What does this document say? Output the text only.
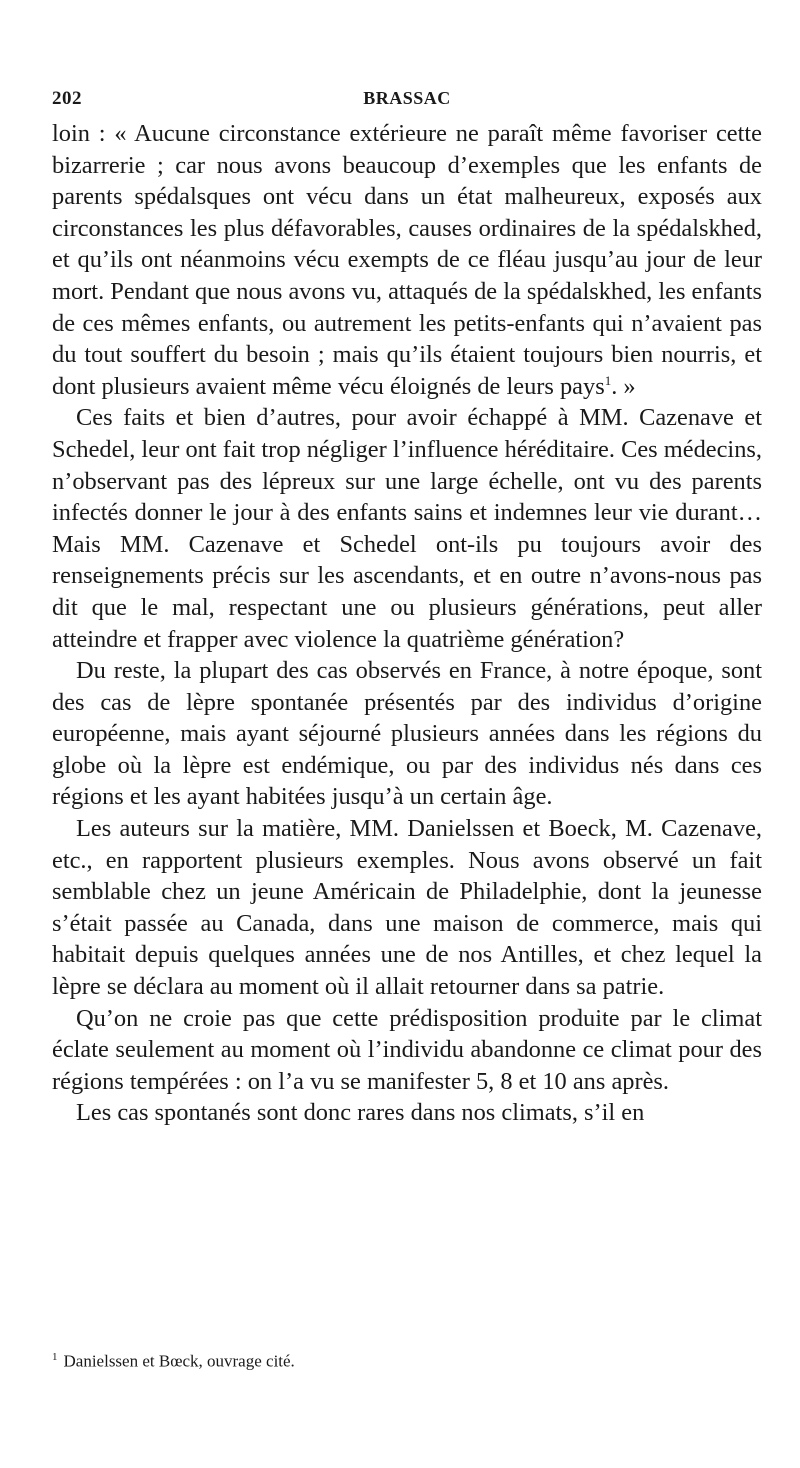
202	BRASSAC

loin : « Aucune circonstance extérieure ne paraît même favoriser cette bizarrerie ; car nous avons beaucoup d’exemples que les enfants de parents spédalsques ont vécu dans un état malheureux, exposés aux circonstances les plus défavorables, causes ordinaires de la spédalskhed, et qu’ils ont néanmoins vécu exempts de ce fléau jusqu’au jour de leur mort. Pendant que nous avons vu, attaqués de la spédalskhed, les enfants de ces mêmes enfants, ou autrement les petits-enfants qui n’avaient pas du tout souffert du besoin ; mais qu’ils étaient toujours bien nourris, et dont plusieurs avaient même vécu éloignés de leurs pays$^1$. »

Ces faits et bien d’autres, pour avoir échappé à MM. Cazenave et Schedel, leur ont fait trop négliger l’influence héréditaire. Ces médecins, n’observant pas des lépreux sur une large échelle, ont vu des parents infectés donner le jour à des enfants sains et indemnes leur vie durant… Mais MM. Cazenave et Schedel ont-ils pu toujours avoir des renseignements précis sur les ascendants, et en outre n’avons-nous pas dit que le mal, respectant une ou plusieurs générations, peut aller atteindre et frapper avec violence la quatrième génération?

Du reste, la plupart des cas observés en France, à notre époque, sont des cas de lèpre spontanée présentés par des individus d’origine européenne, mais ayant séjourné plusieurs années dans les régions du globe où la lèpre est endémique, ou par des individus nés dans ces régions et les ayant habitées jusqu’à un certain âge.

Les auteurs sur la matière, MM. Danielssen et Boeck, M. Cazenave, etc., en rapportent plusieurs exemples. Nous avons observé un fait semblable chez un jeune Américain de Philadelphie, dont la jeunesse s’était passée au Canada, dans une maison de commerce, mais qui habitait depuis quelques années une de nos Antilles, et chez lequel la lèpre se déclara au moment où il allait retourner dans sa patrie.

Qu’on ne croie pas que cette prédisposition produite par le climat éclate seulement au moment où l’individu abandonne ce climat pour des régions tempérées : on l’a vu se manifester 5, 8 et 10 ans après.

Les cas spontanés sont donc rares dans nos climats, s’il en

$^1$ Danielssen et Bœck, ouvrage cité.
